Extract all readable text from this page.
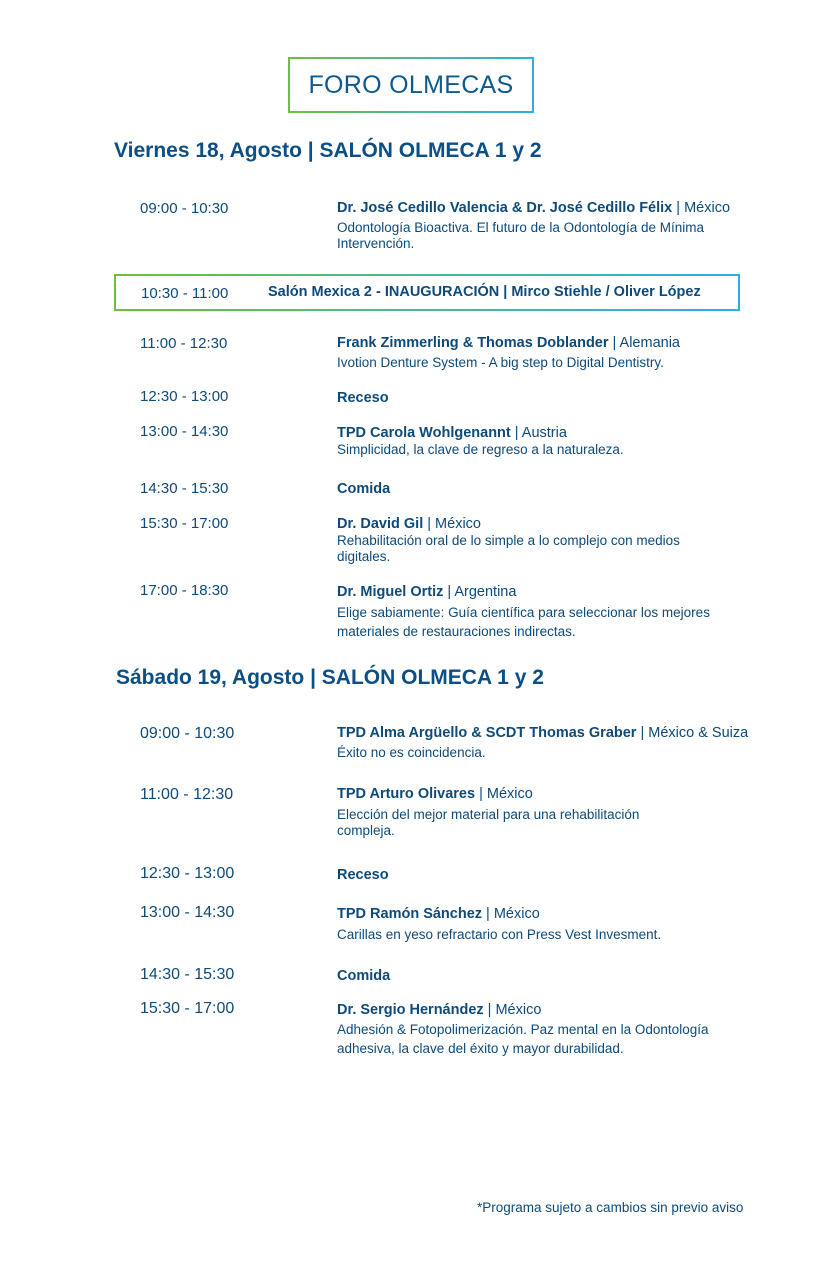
FORO OLMECAS
Viernes 18, Agosto | SALÓN OLMECA 1 y 2
09:00 - 10:30	Dr. José Cedillo Valencia & Dr. José Cedillo Félix | México
Odontología Bioactiva. El futuro de la Odontología de Mínima Intervención.
10:30 - 11:00	Salón Mexica 2 - INAUGURACIÓN | Mirco Stiehle / Oliver López
11:00 - 12:30	Frank Zimmerling & Thomas Doblander | Alemania
Ivotion Denture System - A big step to Digital Dentistry.
12:30 - 13:00	Receso
13:00 - 14:30	TPD Carola Wohlgenannt | Austria
Simplicidad, la clave de regreso a la naturaleza.
14:30 - 15:30	Comida
15:30 - 17:00	Dr. David Gil | México
Rehabilitación oral de lo simple a lo complejo con medios digitales.
17:00 - 18:30	Dr. Miguel Ortiz | Argentina
Elige sabiamente: Guía científica para seleccionar los mejores materiales de restauraciones indirectas.
Sábado 19, Agosto | SALÓN OLMECA 1 y 2
09:00 - 10:30	TPD Alma Argüello & SCDT Thomas Graber | México & Suiza
Éxito no es coincidencia.
11:00 - 12:30	TPD Arturo Olivares | México
Elección del mejor material para una rehabilitación compleja.
12:30 - 13:00	Receso
13:00 - 14:30	TPD Ramón Sánchez | México
Carillas en yeso refractario con Press Vest Invesment.
14:30 - 15:30	Comida
15:30 - 17:00	Dr. Sergio Hernández | México
Adhesión & Fotopolimerización. Paz mental en la Odontología adhesiva, la clave del éxito y mayor durabilidad.
*Programa sujeto a cambios sin previo aviso
